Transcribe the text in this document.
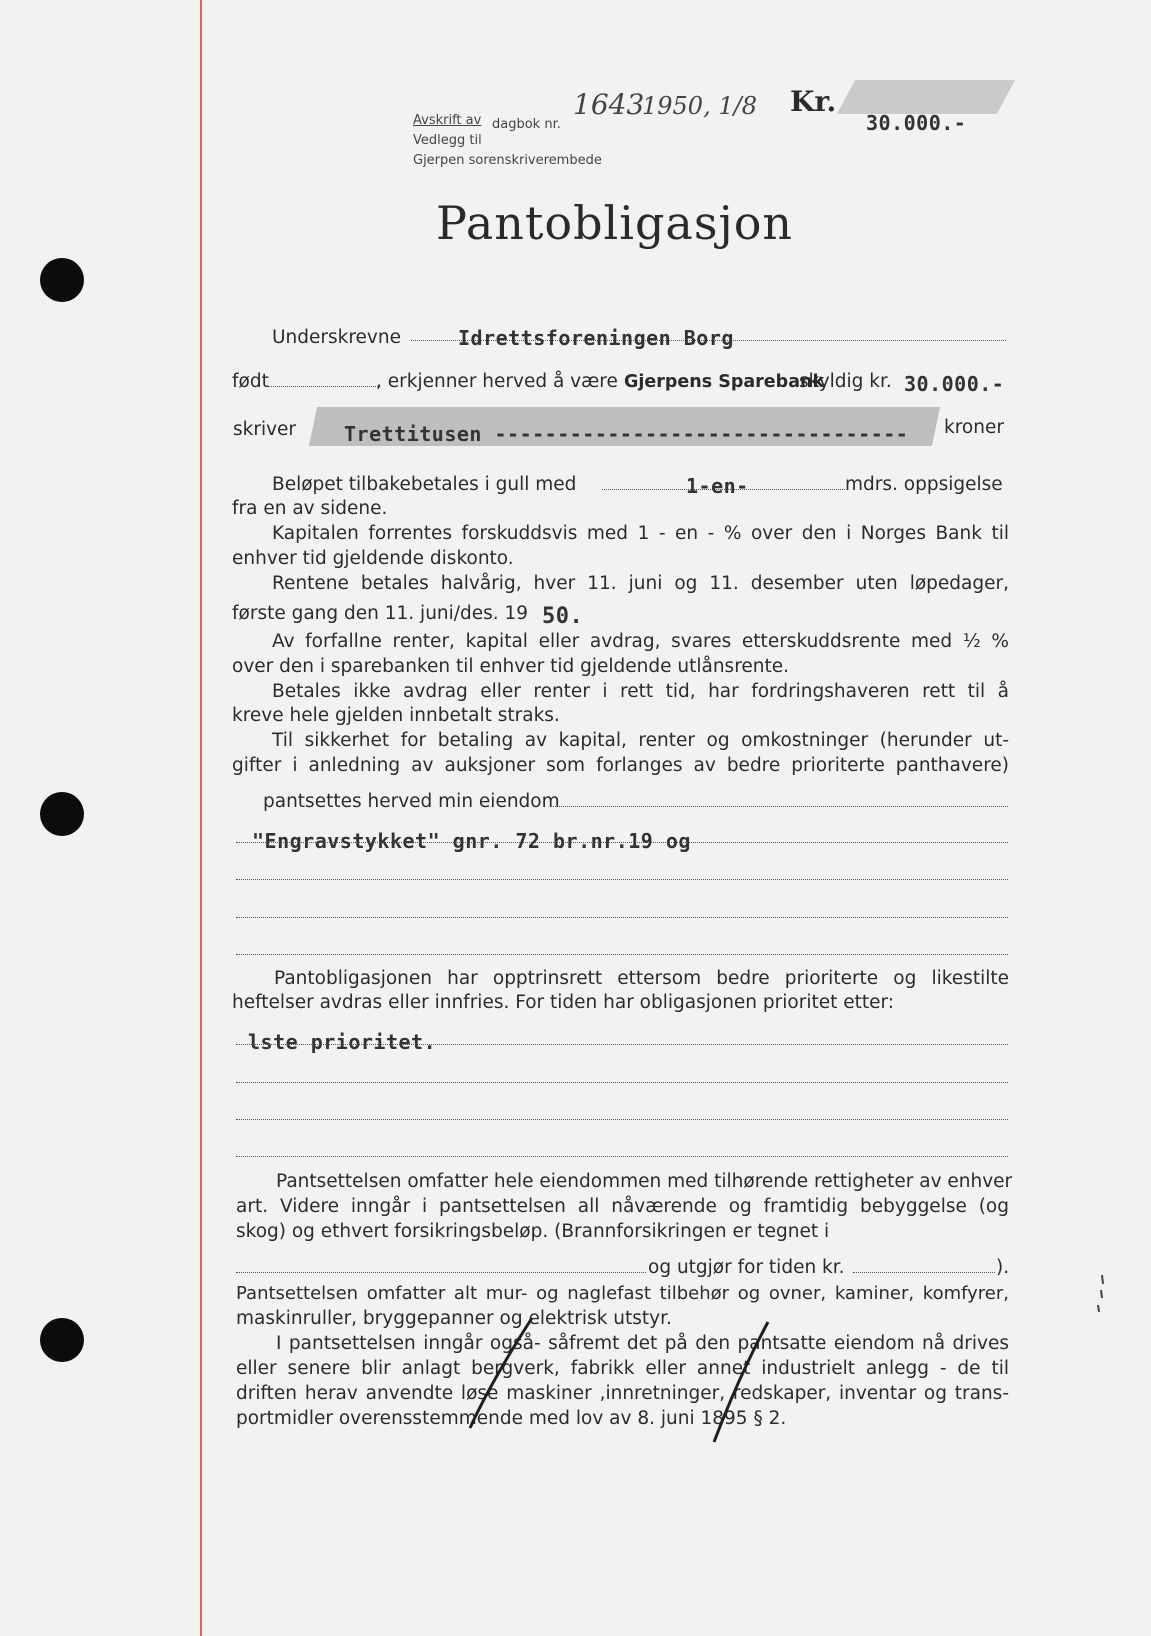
Avskrift av dagbok nr.
Vedlegg til
Gjerpen sorenskriverembede
1643
1950, 1/8 Kr.
30.000.-
Pantobligasjon
Underskrevne	Idrettsforeningen Borg
født	, erkjenner herved å være Gjerpens Sparebank
skyldig kr. 30.000.-
skriver Trettitusen --------------------------------- kroner
Beløpet tilbakebetales i gull med	1-en-	mdrs. oppsigelse
fra en av sidene.
Kapitalen forrentes forskuddsvis med 1 - en - % over den i Norges Bank til
enhver tid gjeldende diskonto.
Rentene betales halvårig, hver 11. juni og 11. desember uten løpedager,
første gang den 11. juni/des. 19 50.
Av forfallne renter, kapital eller avdrag, svares etterskuddsrente med ½ %
over den i sparebanken til enhver tid gjeldende utlånsrente.
Betales ikke avdrag eller renter i rett tid, har fordringshaveren rett til å
kreve hele gjelden innbetalt straks.
Til sikkerhet for betaling av kapital, renter og omkostninger (herunder ut-
gifter i anledning av auksjoner som forlanges av bedre prioriterte panthavere)
pantsettes herved min eiendom
"Engravstykket" gnr. 72 br.nr.19 og
Pantobligasjonen har opptrinsrett ettersom bedre prioriterte og likestilte
heftelser avdras eller innfries. For tiden har obligasjonen prioritet etter:
lste prioritet.
Pantsettelsen omfatter hele eiendommen med tilhørende rettigheter av enhver
art. Videre inngår i pantsettelsen all nåværende og framtidig bebyggelse (og
skog) og ethvert forsikringsbeløp. (Brannforsikringen er tegnet i
og utgjør for tiden kr.	).
Pantsettelsen omfatter alt mur- og naglefast tilbehør og ovner, kaminer, komfyrer,
maskinruller, bryggepanner og elektrisk utstyr.
I pantsettelsen inngår også- såfremt det på den pantsatte eiendom nå drives
eller senere blir anlagt bergverk, fabrikk eller annet industrielt anlegg - de til
driften herav anvendte løse maskiner ,innretninger, redskaper, inventar og trans-
portmidler overensstemmende med lov av 8. juni 1895 § 2.
